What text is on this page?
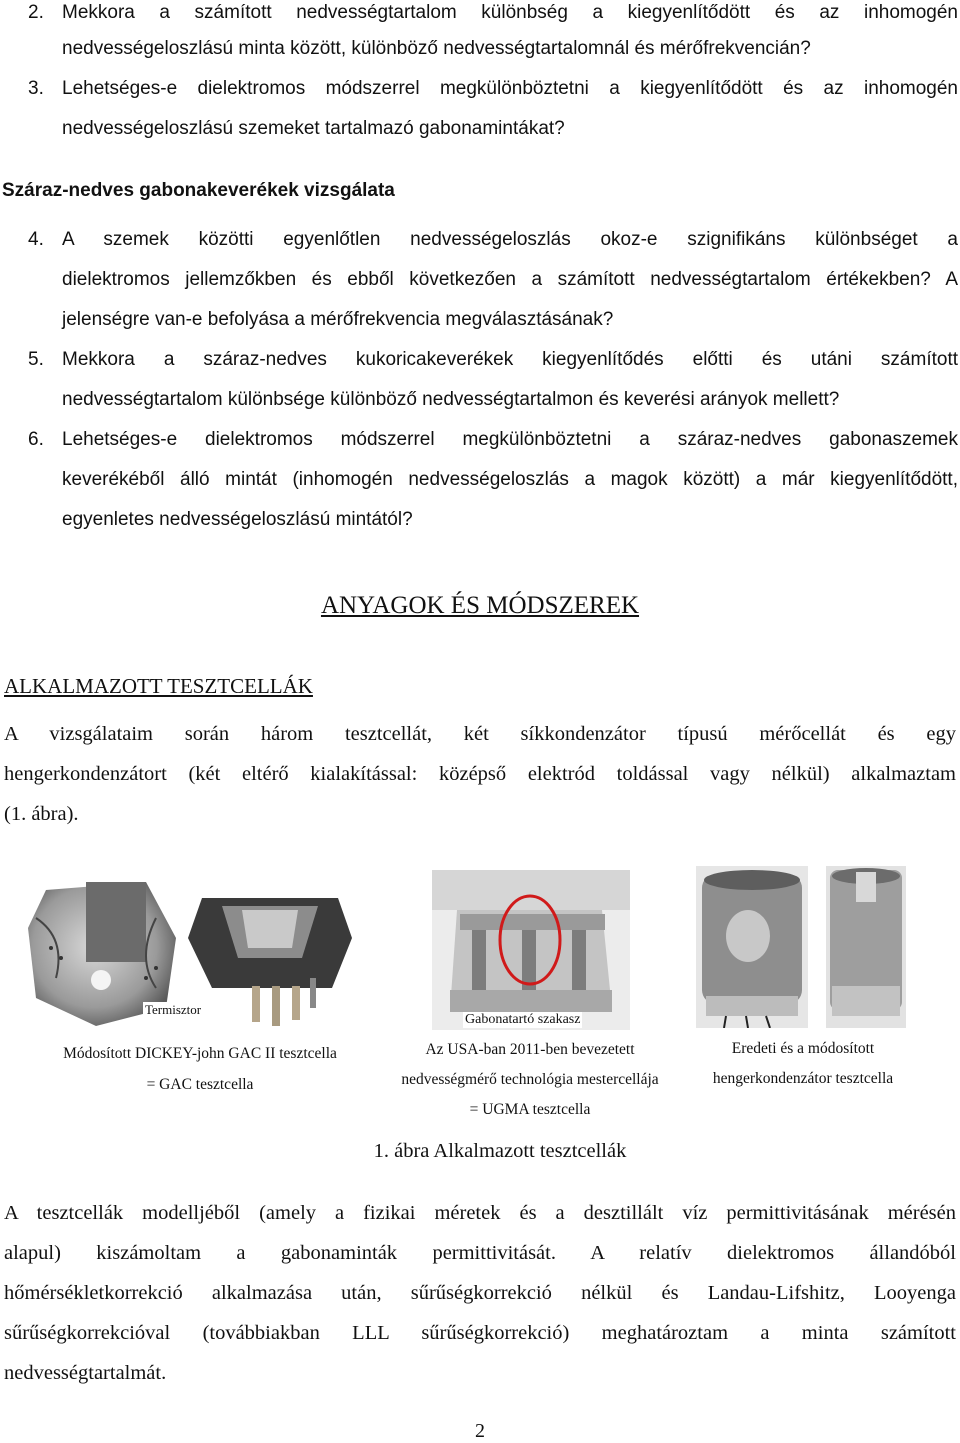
2. Mekkora a számított nedvességtartalom különbség a kiegyenlítődött és az inhomogén
nedvességeloszlású minta között, különböző nedvességtartalomnál és mérőfrekvencián?
3. Lehetséges-e dielektromos módszerrel megkülönböztetni a kiegyenlítődött és az inhomogén
nedvességeloszlású szemeket tartalmazó gabonamintákat?
Száraz-nedves gabonakeverékek vizsgálata
4. A szemek közötti egyenlőtlen nedvességeloszlás okoz-e szignifikáns különbséget a
dielektromos jellemzőkben és ebből következően a számított nedvességtartalom értékekben? A
jelenségre van-e befolyása a mérőfrekvencia megválasztásának?
5. Mekkora a száraz-nedves kukoricakeverékek kiegyenlítődés előtti és utáni számított
nedvességtartalom különbsége különböző nedvességtartalmon és keverési arányok mellett?
6. Lehetséges-e dielektromos módszerrel megkülönböztetni a száraz-nedves gabonaszemek
keverékéből álló mintát (inhomogén nedvességeloszlás a magok között) a már kiegyenlítődött,
egyenletes nedvességeloszlású mintától?
ANYAGOK ÉS MÓDSZEREK
ALKALMAZOTT TESZTCELLÁK
A vizsgálataim során három tesztcellát, két síkkondenzátor típusú mérőcellát és egy
hengerkondenzátort (két eltérő kialakítással: középső elektród toldással vagy nélkül) alkalmaztam
(1. ábra).
Termisztor
Gabonatartó szakasz
Módosított DICKEY-john GAC II tesztcella
= GAC tesztcella
Az USA-ban 2011-ben bevezetett
nedvességmérő technológia mestercellája
= UGMA tesztcella
Eredeti és a módosított
hengerkondenzátor tesztcella
1. ábra Alkalmazott tesztcellák
A tesztcellák modelljéből (amely a fizikai méretek és a desztillált víz permittivitásának mérésén
alapul) kiszámoltam a gabonaminták permittivitását. A relatív dielektromos állandóból
hőmérsékletkorrekció alkalmazása után, sűrűségkorrekció nélkül és Landau-Lifshitz, Looyenga
sűrűségkorrekcióval (továbbiakban LLL sűrűségkorrekció) meghatároztam a minta számított
nedvességtartalmát.
2
